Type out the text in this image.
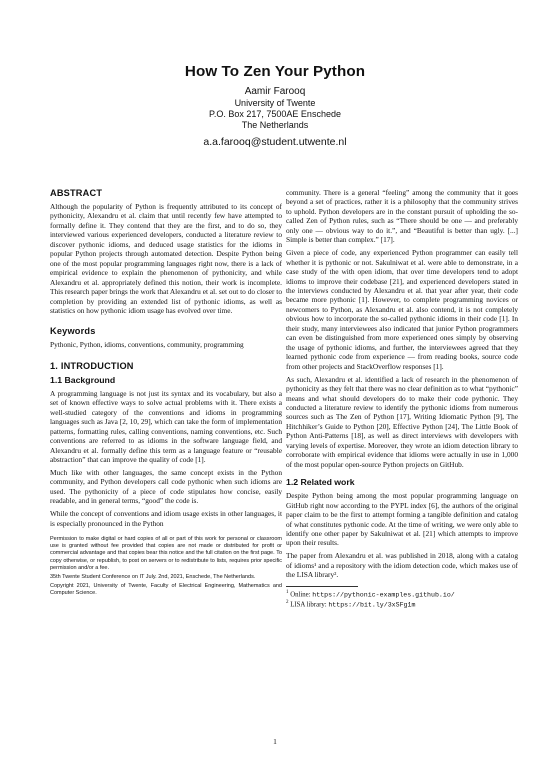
How To Zen Your Python
Aamir Farooq
University of Twente
P.O. Box 217, 7500AE Enschede
The Netherlands
a.a.farooq@student.utwente.nl
ABSTRACT

Although the popularity of Python is frequently attributed to its concept of pythonicity, Alexandru et al. claim that until recently few have attempted to formally define it. They contend that they are the first, and to do so, they interviewed various experienced developers, conducted a literature review to discover pythonic idioms, and deduced usage statistics for the idioms in popular Python projects through automated detection. Despite Python being one of the most popular programming languages right now, there is a lack of empirical evidence to explain the phenomenon of pythonicity, and while Alexandru et al. appropriately defined this notion, their work is incomplete. This research paper brings the work that Alexandru et al. set out to do closer to completion by providing an extended list of pythonic idioms, as well as statistics on how pythonic idiom usage has evolved over time.

Keywords

Pythonic, Python, idioms, conventions, community, programming

1. INTRODUCTION
1.1 Background

A programming language is not just its syntax and its vocabulary, but also a set of known effective ways to solve actual problems with it. There exists a well-studied category of the conventions and idioms in programming languages such as Java [2, 10, 29], which can take the form of implementation patterns, formatting rules, calling conventions, naming conventions, etc. Such conventions are referred to as idioms in the software language field, and Alexandru et al. formally define this term as a language feature or “reusable abstraction” that can improve the quality of code [1].

Much like with other languages, the same concept exists in the Python community, and Python developers call code pythonic when such idioms are used. The pythonicity of a piece of code stipulates how concise, easily readable, and in general terms, “good” the code is.

While the concept of conventions and idiom usage exists in other languages, it is especially pronounced in the Python

Permission to make digital or hard copies of all or part of this work for personal or classroom use is granted without fee provided that copies are not made or distributed for profit or commercial advantage and that copies bear this notice and the full citation on the first page. To copy otherwise, or republish, to post on servers or to redistribute to lists, requires prior specific permission and/or a fee.

35th Twente Student Conference on IT July. 2nd, 2021, Enschede, The Netherlands.

Copyright 2021, University of Twente, Faculty of Electrical Engineering, Mathematics and Computer Science.

community. There is a general “feeling” among the community that it goes beyond a set of practices, rather it is a philosophy that the community strives to uphold. Python developers are in the constant pursuit of upholding the so-called Zen of Python rules, such as “There should be one — and preferably only one — obvious way to do it.”, and “Beautiful is better than ugly. [...] Simple is better than complex.” [17].

Given a piece of code, any experienced Python programmer can easily tell whether it is pythonic or not. Sakulniwat et al. were able to demonstrate, in a case study of the with open idiom, that over time developers tend to adopt idioms to improve their codebase [21], and experienced developers stated in the interviews conducted by Alexandru et al. that year after year, their code became more pythonic [1]. However, to complete programming novices or newcomers to Python, as Alexandru et al. also contend, it is not completely obvious how to incorporate the so-called pythonic idioms in their code [1]. In their study, many interviewees also indicated that junior Python programmers can even be distinguished from more experienced ones simply by observing the usage of pythonic idioms, and further, the interviewees agreed that they learned pythonic code from experience — from reading books, source code from other projects and StackOverflow responses [1].

As such, Alexandru et al. identified a lack of research in the phenomenon of pythonicity as they felt that there was no clear definition as to what “pythonic” means and what should developers do to make their code pythonic. They conducted a literature review to identify the pythonic idioms from numerous sources such as The Zen of Python [17], Writing Idiomatic Python [9], The Hitchhiker’s Guide to Python [20], Effective Python [24], The Little Book of Python Anti-Patterns [18], as well as direct interviews with developers with varying levels of expertise. Moreover, they wrote an idiom detection library to corroborate with empirical evidence that idioms were actually in use in 1,000 of the most popular open-source Python projects on GitHub.

1.2 Related work

Despite Python being among the most popular programming language on GitHub right now according to the PYPL index [6], the authors of the original paper claim to be the first to attempt forming a tangible definition and catalog of what constitutes pythonic code. At the time of writing, we were only able to identify one other paper by Sakulniwat et al. [21] which attempts to improve upon their results.

The paper from Alexandru et al. was published in 2018, along with a catalog of idioms¹ and a repository with the idiom detection code, which makes use of the LISA library².

$^1$ Online: https://pythonic-examples.github.io/

$^2$ LISA library: https://bit.ly/3xSFg1m

1
